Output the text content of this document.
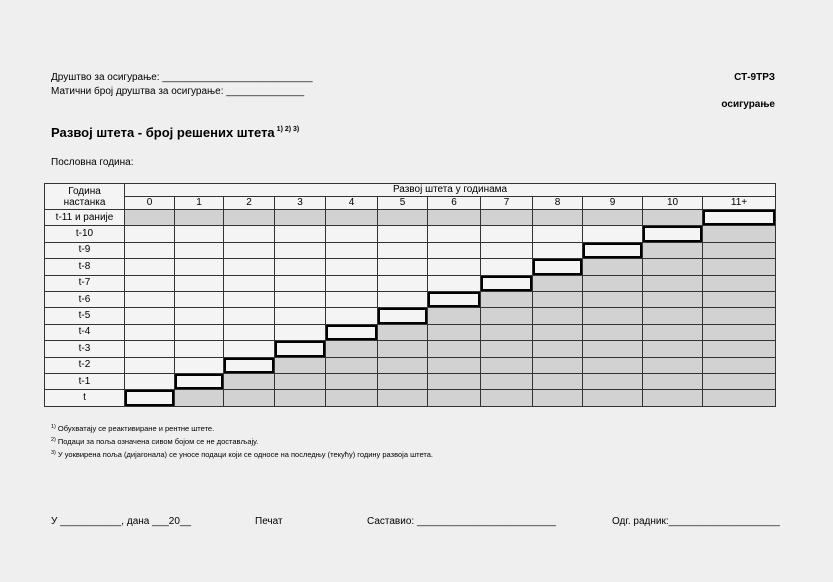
Друштво за осигурање: ___________________________
Матични број друштва за осигурање: ______________
СТ-9ТРЗ
осигурање
Развој штета - број решених штета $^{1) 2) 3)}$
Пословна година:
Година
настанка	Развој штета у годинама											
	0	1	2	3	4	5	6	7	8	9	10	11+
t-11 и раније												
t-10												
t-9												
t-8												
t-7												
t-6												
t-5												
t-4												
t-3												
t-2												
t-1												
t												
$^{1)}$ Обухватају се реактивиране и рентне штете.
$^{2)}$ Подаци за поља означена сивом бојом се не достављају.
$^{3)}$ У уоквирена поља (дијагонала) се уносе подаци који се односе на последњу (текућу) годину развоја штета.
У ___________, дана ___20__	Печат	Саставио: _________________________	Одг. радник:____________________
